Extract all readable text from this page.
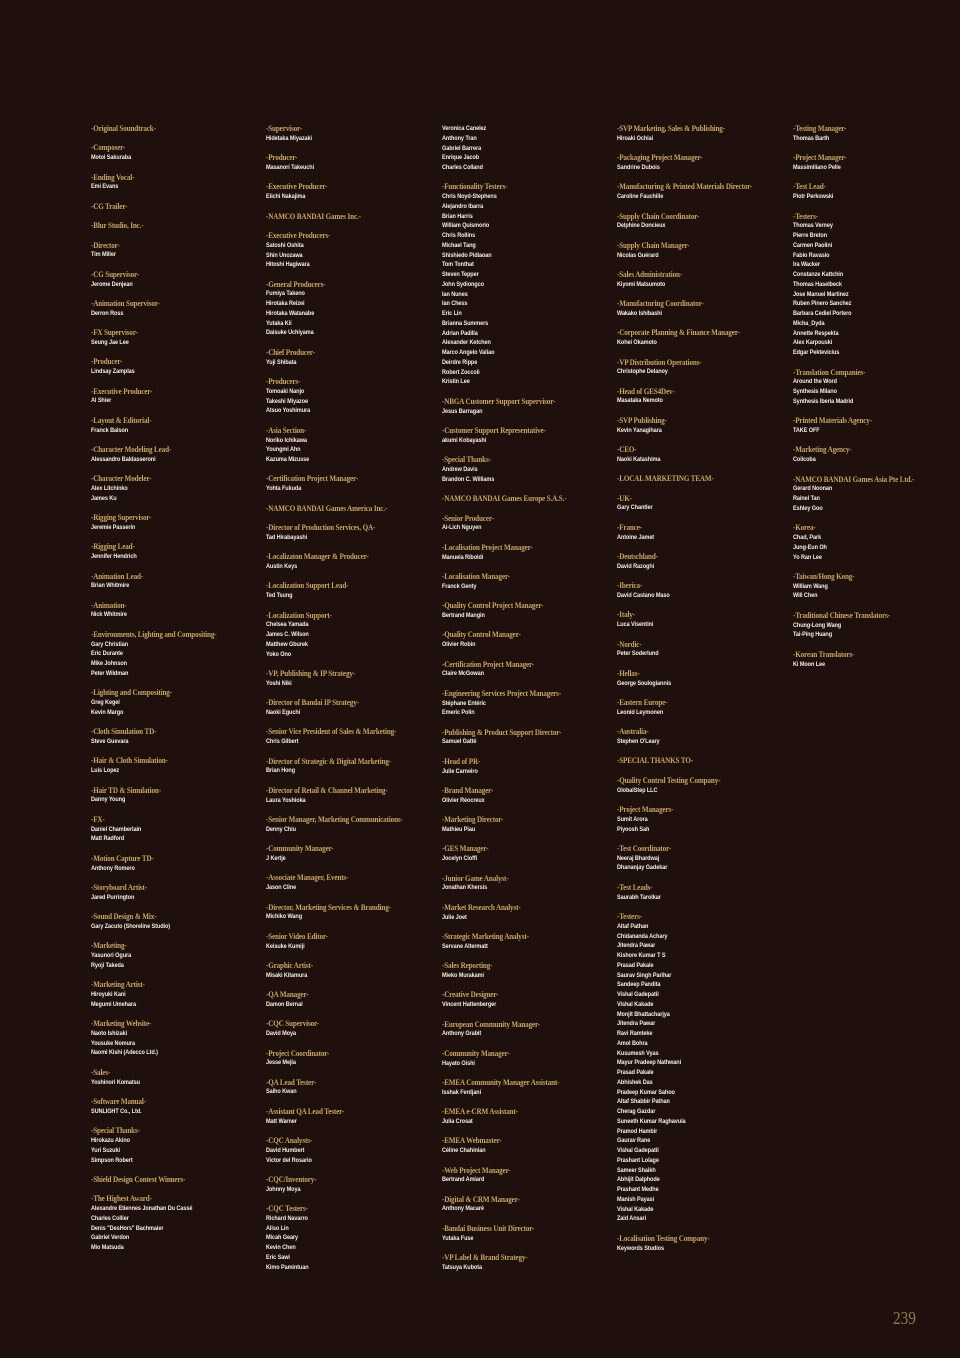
-Original Soundtrack-
-Composer-
Motoi Sakuraba
-Ending Vocal-
Emi Evans
-CG Trailer-
-Blur Studio, Inc.-
-Director-
Tim Miller
-CG Supervisor-
Jerome Denjean
-Animation Supervisor-
Derron Ross
-FX Supervisor-
Seung Jae Lee
-Producer-
Lindsay Zamplas
-Executive Producer-
Al Shier
-Layout & Editorial-
Franck Balson
-Character Modeling Lead-
Alessandro Baldasseroni
-Character Modeler-
Alex Litchinko
James Ku
-Rigging Supervisor-
Jeremie Passerin
-Rigging Lead-
Jennifer Hendrich
-Animation Lead-
Brian Whitmire
-Animation-
Nick Whitmire
-Environments, Lighting and Compositing-
Gary Christian
Eric Durante
Mike Johnson
Peter Wildman
-Lighting and Compositing-
Greg Kegel
Kevin Margo
-Cloth Simulation TD-
Steve Guevara
-Hair & Cloth Simulation-
Luis Lopez
-Hair TD & Simulation-
Danny Young
-FX-
Daniel Chamberlain
Matt Radford
-Motion Capture TD-
Anthony Romero
-Storyboard Artist-
Jared Purrington
-Sound Design & Mix-
Gary Zacuto (Shoreline Studio)
-Marketing-
Yasunori Ogura
Ryoji Takeda
-Marketing Artist-
Hiroyuki Kani
Megumi Umehara
-Marketing Website-
Naoto Ishizaki
Yousuke Nomura
Naomi Kishi (Adecco Ltd.)
-Sales-
Yoshinori Komatsu
-Software Manual-
SUNLIGHT Co., Ltd.
-Special Thanks-
Hirokazu Akino
Yuri Suzuki
Simpson Robert
-Shield Design Contest Winners-
-The Highest Award-
Alexandre Etiennes Jonathan Du Cassé
Charles Collier
Denis "DesHors" Bachmaier
Gabriel Verdon
Mio Matsuda
-Supervisor-
Hidetaka Miyazaki
-Producer-
Masanori Takeuchi
-Executive Producer-
Eiichi Nakajima
-NAMCO BANDAI Games Inc.-
-Executive Producers-
Satoshi Oshita
Shin Unozawa
Hitoshi Hagiwara
-General Producers-
Fumiya Takeno
Hirotaka Reizei
Hirotaka Watanabe
Yutaka Kii
Daisuke Uchiyama
-Chief Producer-
Yuji Shibata
-Producers-
Tomoaki Nanjo
Takeshi Miyazoe
Atsuo Yoshimura
-Asia Section-
Noriko Ichikawa
Youngmi Ahn
Kazuma Mizusse
-Certification Project Manager-
Yohta Fukuda
-NAMCO BANDAI Games America Inc.-
-Director of Production Services, QA-
Tad Hirabayashi
-Localizaton Manager & Producer-
Austin Keys
-Localization Support Lead-
Ted Tsung
-Localization Support-
Chelsea Yamada
James C. Wilson
Matthew Gburek
Yoko Ono
-VP, Publishing & IP Strategy-
Yoshi Niki
-Director of Bandai IP Strategy-
Naoki Eguchi
-Senior Vice President of Sales & Marketing-
Chris Gilbert
-Director of Strategic & Digital Marketing-
Brian Hong
-Director of Retail & Channel Marketing-
Laura Yoshioka
-Senior Manager, Marketing Communications-
Denny Chiu
-Community Manager-
J Kertje
-Associate Manager, Events-
Jason Cline
-Director, Marketing Services & Branding-
Michiko Wang
-Senior Video Editor-
Keisuke Kumiji
-Graphic Artist-
Misaki Kitamura
-QA Manager-
Damon Bernal
-CQC Supervisor-
David Moya
-Project Coordinator-
Jesse Mejia
-QA Lead Tester-
Saiho Kwan
-Assistant QA Lead Tester-
Matt Warner
-CQC Analysts-
David Humbert
Victor del Rosario
-CQC/Inventory-
Johnny Moya
-CQC Testers-
Richard Navarro
Aliso Lin
Micah Geary
Kevin Chen
Eric Sawi
Kimo Pamintuan
Veronica Canelez
Anthony Tran
Gabriel Barrera
Enrique Jacob
Charles Colland
-Functionality Testers-
Chris Noyd-Stephens
Alejandro Ibarra
Brian Harris
William Quismorio
Chris Rollins
Michael Tang
Shishiedo Pidlaoan
Tom Tonthat
Steven Tepper
John Sydiongco
Ian Nunes
Ian Chess
Eric Lin
Brianna Summers
Adrian Padilla
Alexander Ketchen
Marco Angelo Valiao
Deirdre Rippe
Robert Zoccoli
Kristin Lee
-NBGA Customer Support Supervisor-
Jesus Barragan
-Customer Support Representative-
akumi Kobayashi
-Special Thanks-
Andrew Davis
Brandon C. Williams
-NAMCO BANDAI Games Europe S.A.S.-
-Senior Producer-
Ai-Lich Nguyen
-Localisation Project Manager-
Manuela Riboldi
-Localisation Manager-
Franck Genty
-Quality Control Project Manager-
Bertrand Mangin
-Quality Control Manager-
Olivier Robin
-Certification Project Manager-
Claire McGowan
-Engineering Services Project Managers-
Stéphane Entéric
Emeric Polin
-Publishing & Product Support Director-
Samuel Gatté
-Head of PR-
Julie Carneiro
-Brand Manager-
Olivier Réocreux
-Marketing Director-
Mathieu Piau
-GES Manager-
Jocelyn Cioffi
-Junior Game Analyst-
Jonathan Khersis
-Market Research Analyst-
Julie Joet
-Strategic Marketing Analyst-
Servane Altermatt
-Sales Reporting-
Mieko Murakami
-Creative Designer-
Vincent Hattenberger
-European Community Manager-
Anthony Grabit
-Community Manager-
Hayato Oishi
-EMEA Community Manager Assistant-
Isshak Ferdjani
-EMEA e-CRM Assistant-
Julia Crosat
-EMEA Webmaster-
Céline Chahinian
-Web Project Manager-
Bertrand Amiard
-Digital & CRM Manager-
Anthony Macaré
-Bandai Business Unit Director-
Yutaka Fuse
-VP Label & Brand Strategy-
Tatsuya Kubota
-SVP Marketing, Sales & Publishing-
Hiroaki Ochiai
-Packaging Project Manager-
Sandrine Dubois
-Manufacturing & Printed Materials Director-
Caroline Fauchille
-Supply Chain Coordinator-
Delphine Doncieux
-Supply Chain Manager-
Nicolas Guérard
-Sales Administration-
Kiyomi Matsumoto
-Manufacturing Coordinator-
Wakako Ishibashi
-Corporate Planning & Finance Manager-
Kohei Okamoto
-VP Distribution Operations-
Christophe Delanoy
-Head of GES4Dev-
Masataka Nemoto
-SVP Publishing-
Kevin Yanagihara
-CEO-
Naoki Katashima
-LOCAL MARKETING TEAM-
-UK-
Gary Chantler
-France-
Antoine Jamet
-Deutschland-
David Razoghi
-Iberica-
David Castano Maso
-Italy-
Luca Visentini
-Nordic-
Peter Soderlund
-Hellas-
George Soulogiannis
-Eastern Europe-
Leonid Leymonen
-Australia-
Stephen O'Leary
-SPECIAL THANKS TO-
-Quality Control Testing Company-
GlobalStep LLC
-Project Managers-
Sumit Arora
Piyoosh Sah
-Test Coordinator-
Neeraj Bhardwaj
Dhananjay Gadekar
-Test Leads-
Saurabh Tarolkar
-Testers-
Altaf Pathan
Chidananda Achary
Jitendra Pawar
Kishore Kumar T S
Prasad Pakale
Saurav Singh Parihar
Sandeep Pandita
Vishal Gadepatil
Vishal Kakade
Monjit Bhattacharjya
Jitendra Pawar
Ravi Ramteke
Amol Bohra
Kusumesh Vyas
Mayur Pradeep Nathwani
Prasad Pakale
Abhishek Das
Pradeep Kumar Sahoo
Altaf Shabbir Pathan
Cherag Gazdar
Suneeth Kumar Raghavula
Pramod Hambir
Gaurav Rane
Vishal Gadepatil
Prashant Lolage
Sameer Shaikh
Abhijit Dalphode
Prashant Medhe
Manish Payasi
Vishal Kakade
Zaid Ansari
-Localisation Testing Company-
Keywords Studios
-Testing Manager-
Thomas Barth
-Project Manager-
Massimiliano Pelle
-Test Lead-
Piotr Perkowski
-Testers-
Thomas Verney
Pierre Breton
Carmen Paolini
Fabio Ravasio
Ira Wacker
Constanze Kattchin
Thomas Haselbeck
Jose Manuel Martinez
Ruben Pinero Sanchez
Barbara Cediel Portero
Micha_Dyda
Annette Respekta
Alex Karpouski
Edgar Pektevicius
-Translation Companies-
Around the Word
Synthesis Milano
Synthesis Iberia Madrid
-Printed Materials Agency-
TAKE OFF
-Marketing Agency-
Colicoba
-NAMCO BANDAI Games Asia Pte Ltd.-
Gerard Noonan
Rainel Tan
Eshley Goo
-Korea-
Chad, Park
Jung-Eun Oh
Yo Ran Lee
-Taiwan/Hong Kong-
William Wang
Will Chen
-Traditional Chinese Translators-
Chung-Long Wang
Tai-Ping Huang
-Korean Translators-
Ki Moon Lee
239
